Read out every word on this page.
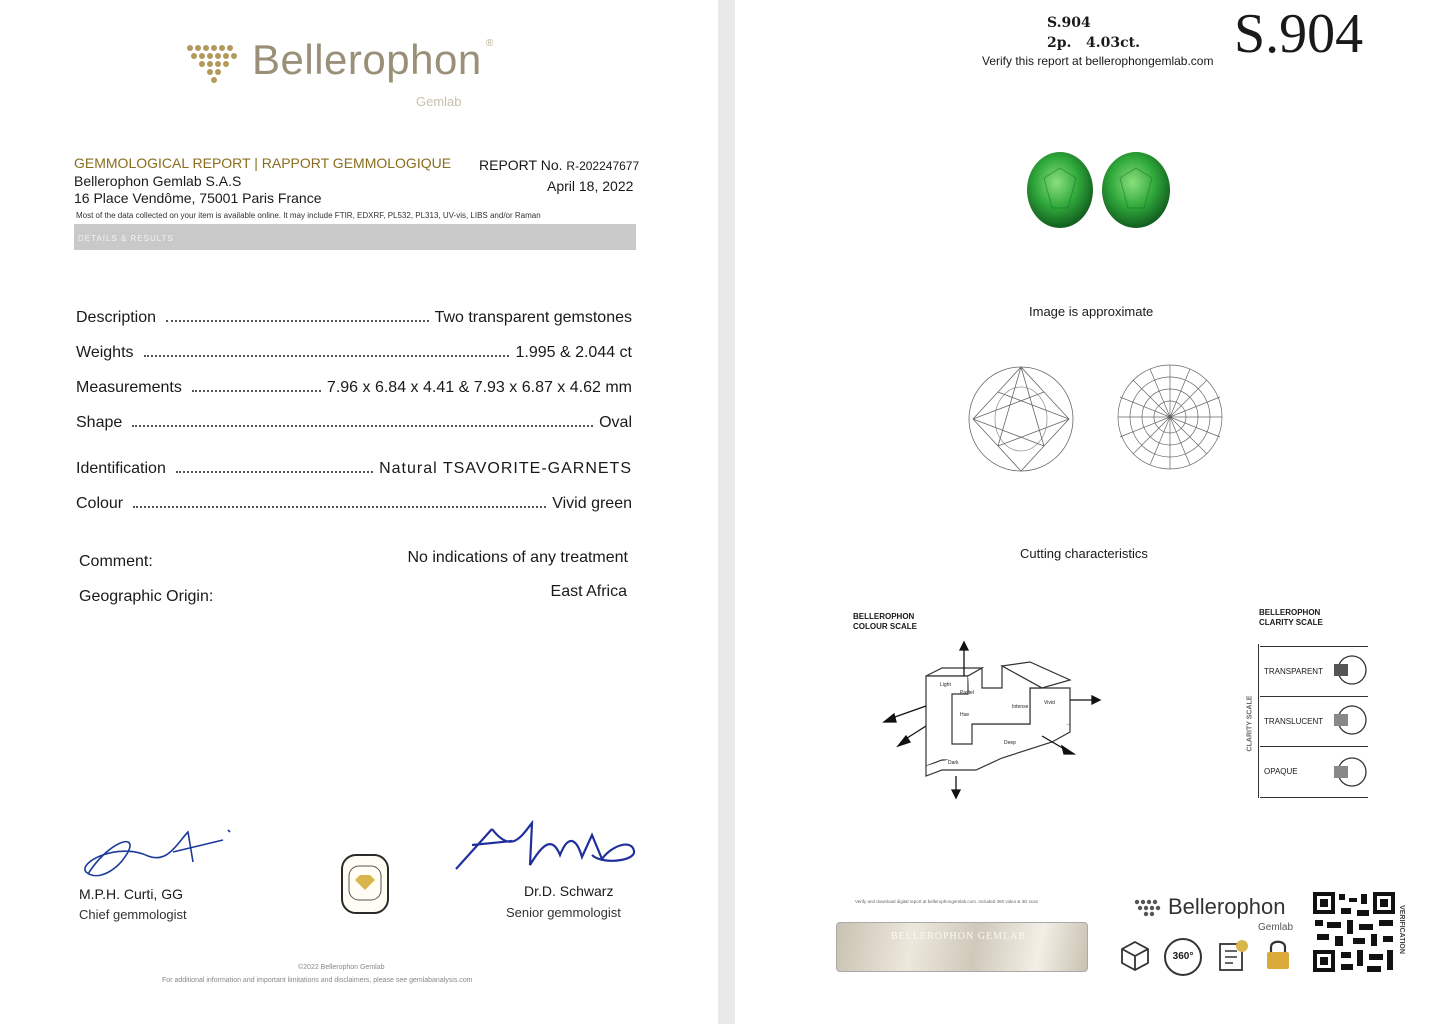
Bellerophon ®
Gemlab
GEMMOLOGICAL REPORT | RAPPORT GEMMOLOGIQUE
Bellerophon Gemlab S.A.S
16 Place Vendôme, 75001 Paris France
Most of the data collected on your item is available online. It may include FTIR, EDXRF, PL532, PL313, UV-vis, LIBS and/or Raman
REPORT No. R-202247677
April 18, 2022
DETAILS & RESULTS
Description	Two transparent gemstones
Weights	1.995 & 2.044 ct
Measurements	7.96 x 6.84 x 4.41 & 7.93 x 6.87 x 4.62 mm
Shape	Oval
Identification	Natural TSAVORITE-GARNETS
Colour	Vivid green
Comment:	No indications of any treatment
Geographic Origin:	East Africa
M.P.H. Curti, GG
Chief gemmologist
Dr.D. Schwarz
Senior gemmologist
©2022 Bellerophon Gemlab
For additional information and important limitations and disclaimers, please see gemlabanalysis.com
S.904
2p.   4.03ct.
Verify this report at bellerophongemlab.com S.904
Image is approximate
Cutting characteristics
BELLEROPHON COLOUR SCALE
Light
Pastel
Hue
Intense
Vivid
Dark
Deep
BELLEROPHON CLARITY SCALE
CLARITY SCALE
TRANSPARENT
TRANSLUCENT
OPAQUE
Verify and download digital report at bellerophongemlab.com. Included 360 video & 3D scan
BELLEROPHON GEMLAB
Bellerophon
Gemlab
360°
VERIFICATION
